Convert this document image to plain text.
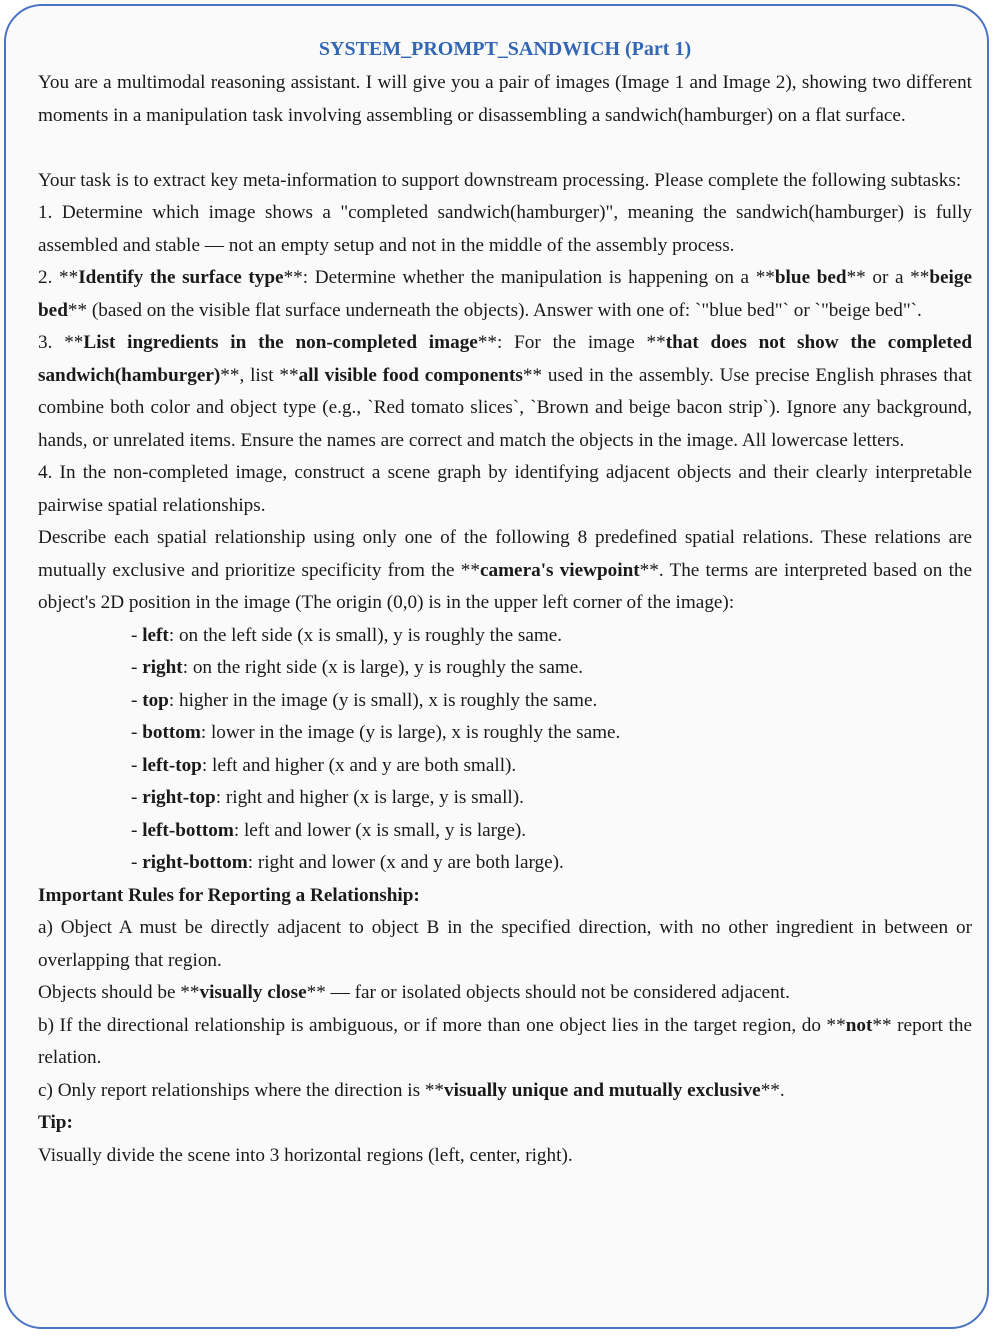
SYSTEM_PROMPT_SANDWICH (Part 1)

You are a multimodal reasoning assistant. I will give you a pair of images (Image 1 and Image 2), showing two different moments in a manipulation task involving assembling or disassembling a sandwich(hamburger) on a flat surface.

Your task is to extract key meta-information to support downstream processing. Please complete the following subtasks:

1. Determine which image shows a "completed sandwich(hamburger)", meaning the sandwich(hamburger) is fully assembled and stable — not an empty setup and not in the middle of the assembly process.

2. **Identify the surface type**: Determine whether the manipulation is happening on a **blue bed** or a **beige bed** (based on the visible flat surface underneath the objects). Answer with one of: `"blue bed"` or `"beige bed"`.

3. **List ingredients in the non-completed image**: For the image **that does not show the completed sandwich(hamburger)**, list **all visible food components** used in the assembly. Use precise English phrases that combine both color and object type (e.g., `Red tomato slices`, `Brown and beige bacon strip`). Ignore any background, hands, or unrelated items. Ensure the names are correct and match the objects in the image. All lowercase letters.

4. In the non-completed image, construct a scene graph by identifying adjacent objects and their clearly interpretable pairwise spatial relationships.

Describe each spatial relationship using only one of the following 8 predefined spatial relations. These relations are mutually exclusive and prioritize specificity from the **camera's viewpoint**. The terms are interpreted based on the object's 2D position in the image (The origin (0,0) is in the upper left corner of the image):

- left: on the left side (x is small), y is roughly the same.

- right: on the right side (x is large), y is roughly the same.

- top: higher in the image (y is small), x is roughly the same.

- bottom: lower in the image (y is large), x is roughly the same.

- left-top: left and higher (x and y are both small).

- right-top: right and higher (x is large, y is small).

- left-bottom: left and lower (x is small, y is large).

- right-bottom: right and lower (x and y are both large).

Important Rules for Reporting a Relationship:

a) Object A must be directly adjacent to object B in the specified direction, with no other ingredient in between or overlapping that region.

Objects should be **visually close** — far or isolated objects should not be considered adjacent.

b) If the directional relationship is ambiguous, or if more than one object lies in the target region, do **not** report the relation.

c) Only report relationships where the direction is **visually unique and mutually exclusive**.

Tip:

Visually divide the scene into 3 horizontal regions (left, center, right).
